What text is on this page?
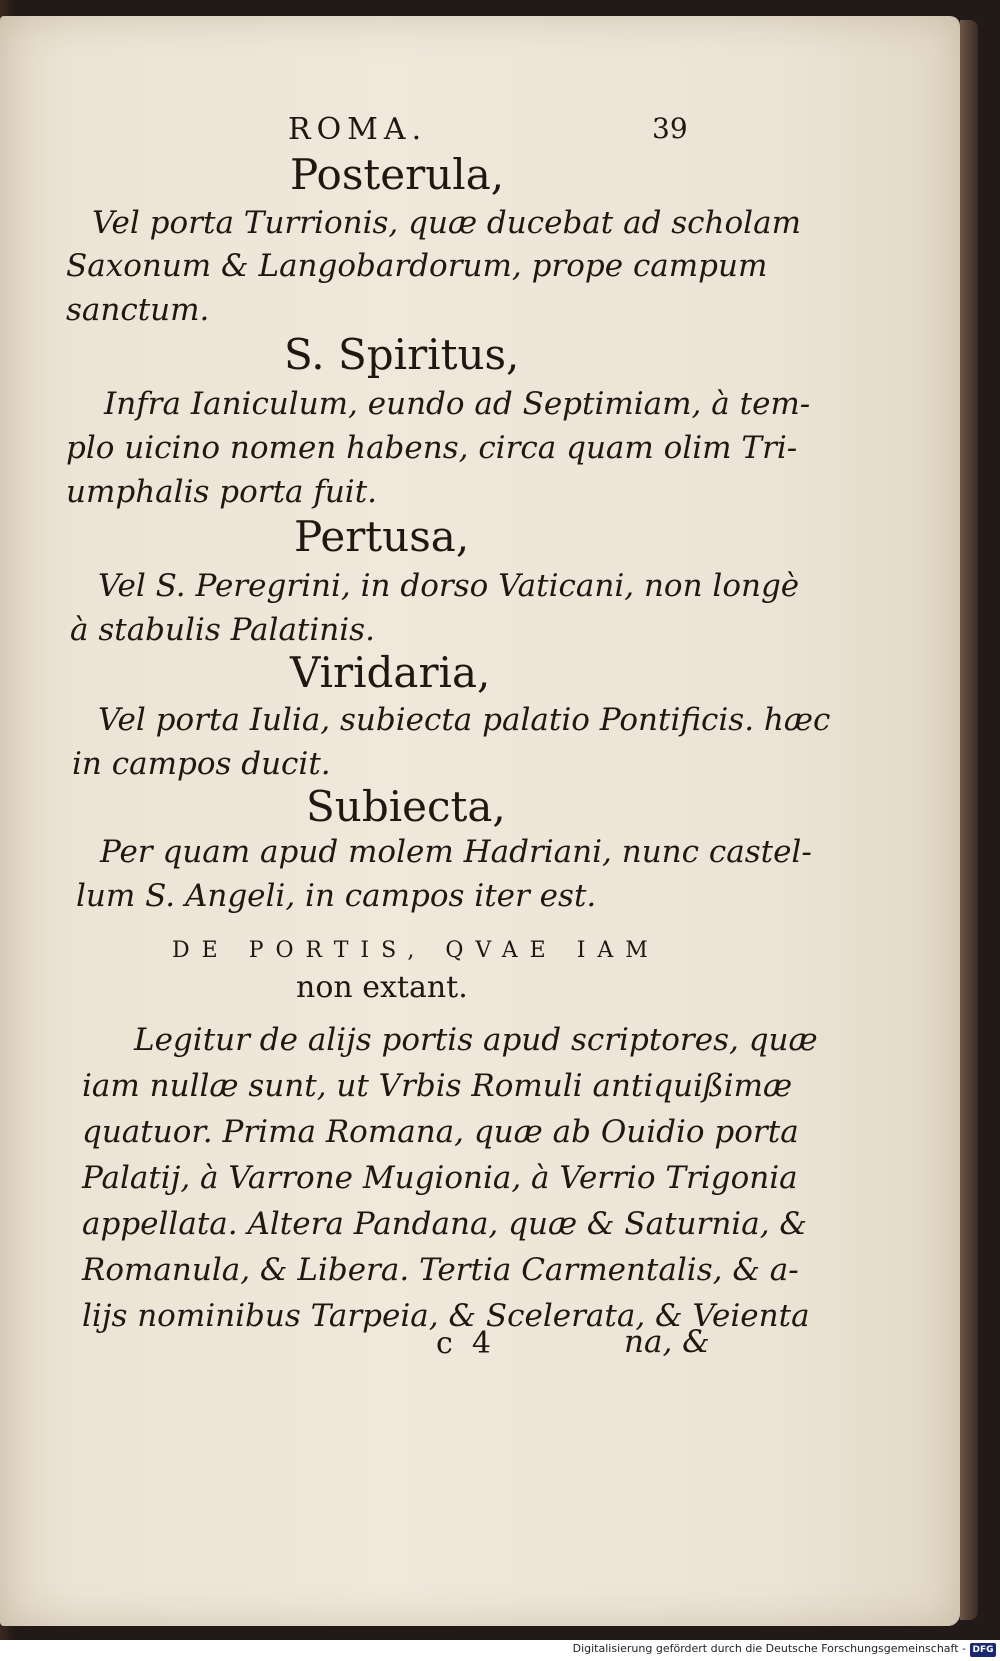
ROMA.	39
Posterula,
Vel porta Turrionis, quæ ducebat ad scholam
Saxonum & Langobardorum, prope campum
sanctum.
S. Spiritus,
Infra Ianiculum, eundo ad Septimiam, à tem-
plo uicino nomen habens, circa quam olim Tri-
umphalis porta fuit.
Pertusa,
Vel S. Peregrini, in dorso Vaticani, non longè
à stabulis Palatinis.
Viridaria,
Vel porta Iulia, subiecta palatio Pontificis. hæc
in campos ducit.
Subiecta,
Per quam apud molem Hadriani, nunc castel-
lum S. Angeli, in campos iter est.
DE PORTIS, QVAE IAM
non extant.
Legitur de alijs portis apud scriptores, quæ
iam nullæ sunt, ut Vrbis Romuli antiquißimæ
quatuor. Prima Romana, quæ ab Ouidio porta
Palatij, à Varrone Mugionia, à Verrio Trigonia
appellata. Altera Pandana, quæ & Saturnia, &
Romanula, & Libera. Tertia Carmentalis, & a-
lijs nominibus Tarpeia, & Scelerata, & Veienta
c  4	na, &
Digitalisierung gefördert durch die Deutsche Forschungsgemeinschaft - DFG
